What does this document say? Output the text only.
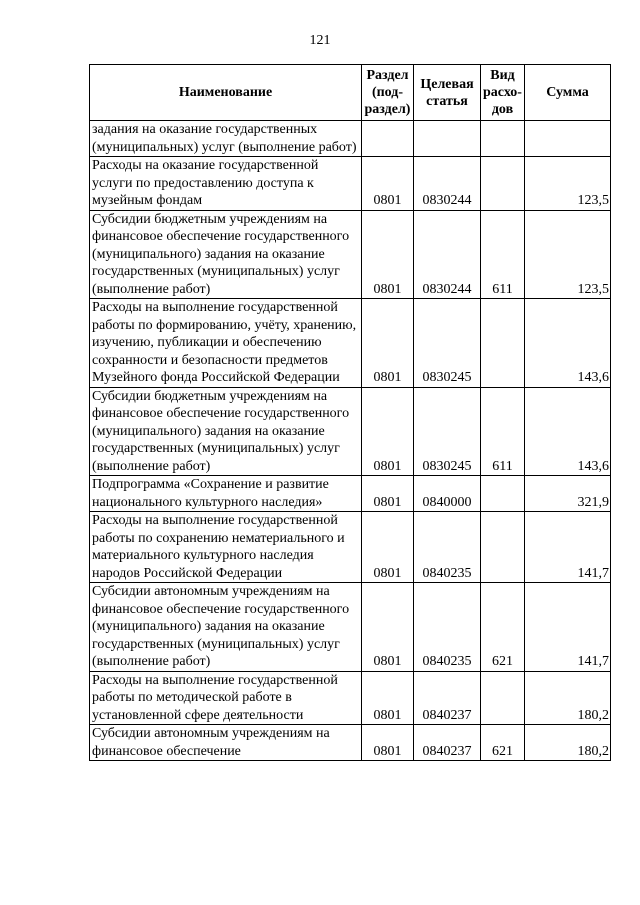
121
Наименование	Раздел (под-раздел)	Целевая статья	Вид расхо-дов	Сумма
задания на оказание государственных (муниципальных) услуг (выполнение работ)				
Расходы на оказание государственной услуги по предоставлению доступа к музейным фондам	0801	0830244		123,5
Субсидии бюджетным учреждениям на финансовое обеспечение государственного (муниципального) задания на оказание государственных (муниципальных) услуг (выполнение работ)	0801	0830244	611	123,5
Расходы на выполнение государственной работы по формированию, учёту, хранению, изучению, публикации и обеспечению сохранности и безопасности предметов Музейного фонда Российской Федерации	0801	0830245		143,6
Субсидии бюджетным учреждениям на финансовое обеспечение государственного (муниципального) задания на оказание государственных (муниципальных) услуг (выполнение работ)	0801	0830245	611	143,6
Подпрограмма «Сохранение и развитие национального культурного наследия»	0801	0840000		321,9
Расходы на выполнение государственной работы по сохранению нематериального и материального культурного наследия народов Российской Федерации	0801	0840235		141,7
Субсидии автономным учреждениям на финансовое обеспечение государственного (муниципального) задания на оказание государственных (муниципальных) услуг (выполнение работ)	0801	0840235	621	141,7
Расходы на выполнение государственной работы по методической работе в установленной сфере деятельности	0801	0840237		180,2
Субсидии автономным учреждениям на финансовое обеспечение	0801	0840237	621	180,2
